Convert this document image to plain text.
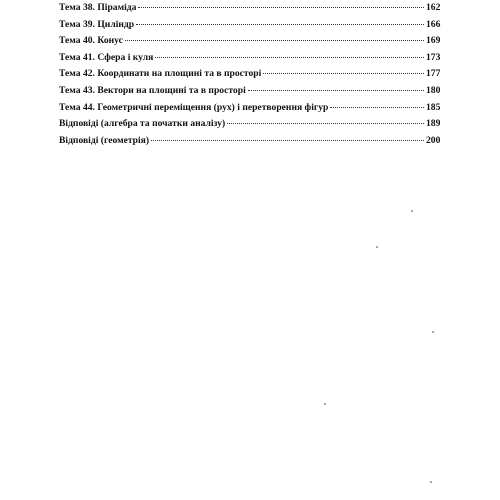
Тема 38. Піраміда	162
Тема 39. Циліндр	166
Тема 40. Конус	169
Тема 41. Сфера і куля	173
Тема 42. Координати на площині та в просторі	177
Тема 43. Вектори на площині та в просторі	180
Тема 44. Геометричні переміщення (рух) і перетворення фігур	185
Відповіді (алгебра та початки аналізу)	189
Відповіді (геометрія)	200
